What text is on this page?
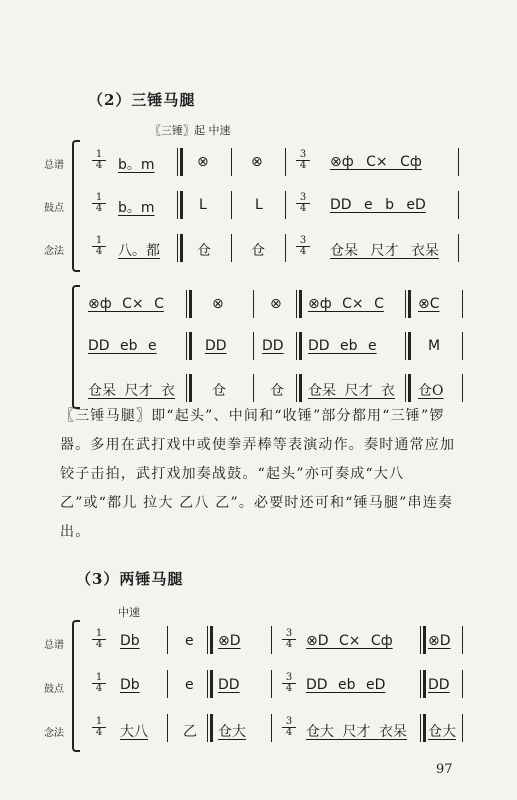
（2）三锤马腿
〖三锤〗起 中速
总谱
鼓点
念法
$\frac{1}{4}$
$\frac{1}{4}$
$\frac{1}{4}$
b。m
b。m
八。都
⊗
L
仓
⊗
L
仓
$\frac{3}{4}$
$\frac{3}{4}$
$\frac{3}{4}$
⊗ф C× Cф
DD e b eD
仓呆 尺才 衣呆
⊗ф C× C
DD eb e
仓呆 尺才 衣
⊗
DD
仓
⊗
DD
仓
⊗ф C× C
DD eb e
仓呆 尺才 衣
⊗C
M
仓O
〖三锤马腿〗即“起头”、中间和“收锤”部分都用“三锤”锣器。多用在武打戏中或使拳弄棒等表演动作。奏时通常应加铰子击拍，武打戏加奏战鼓。“起头”亦可奏成“大八乙”或“都儿 拉大 乙八 乙”。必要时还可和“锤马腿”串连奏出。
（3）两锤马腿
中速
总谱
鼓点
念法
$\frac{1}{4}$
$\frac{1}{4}$
$\frac{1}{4}$
Db
Db
大八
e
e
乙
⊗D
DD
仓大
$\frac{3}{4}$
$\frac{3}{4}$
$\frac{3}{4}$
⊗D C× Cф
DD eb eD
仓大 尺才 衣呆
⊗D
DD
仓大
97
